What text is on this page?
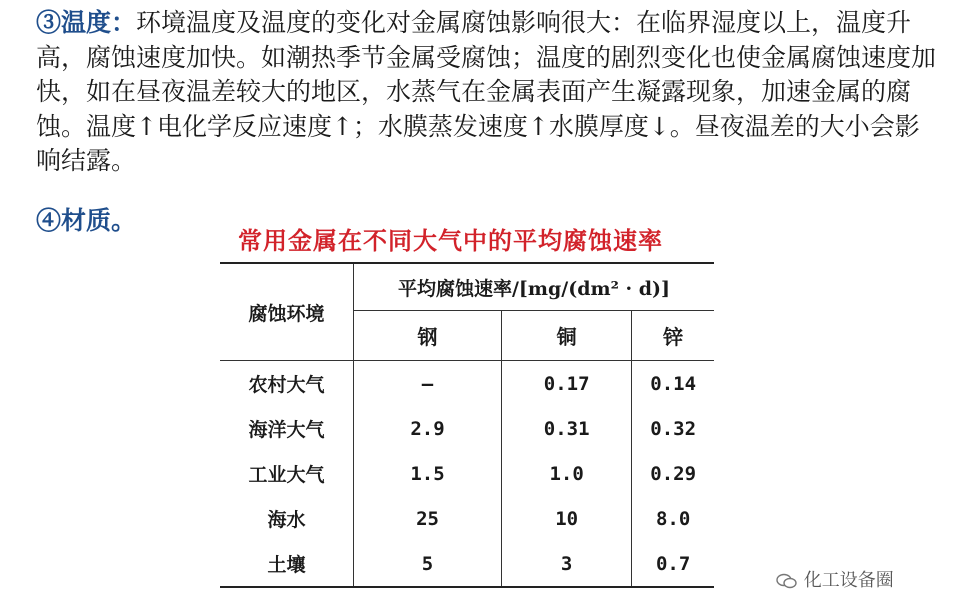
③温度：环境温度及温度的变化对金属腐蚀影响很大：在临界湿度以上，温度升高，腐蚀速度加快。如潮热季节金属受腐蚀；温度的剧烈变化也使金属腐蚀速度加快，如在昼夜温差较大的地区，水蒸气在金属表面产生凝露现象，加速金属的腐蚀。温度↑电化学反应速度↑；水膜蒸发速度↑水膜厚度↓。昼夜温差的大小会影响结露。

④材质。
常用金属在不同大气中的平均腐蚀速率
腐蚀环境	平均腐蚀速率/[mg/(dm² · d)]		
	钢	铜	锌
农村大气	—	0.17	0.14
海洋大气	2.9	0.31	0.32
工业大气	1.5	1.0	0.29
海水	25	10	8.0
土壤	5	3	0.7
化工设备圈
